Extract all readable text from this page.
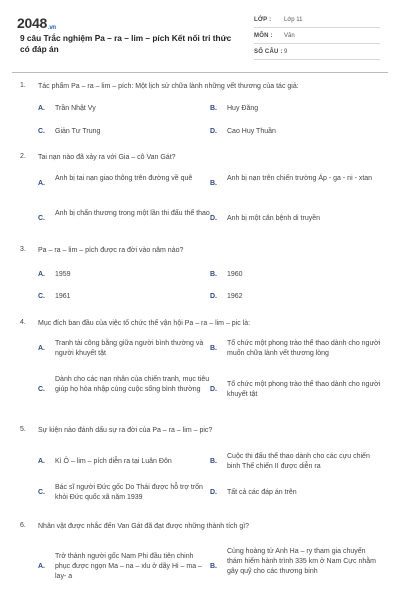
2048.vn
9 câu Trắc nghiệm Pa – ra – lim – pích Kết nối tri thức có đáp án
LỚP : Lớp 11
MÔN : Văn
SỐ CÂU : 9
1. Tác phẩm Pa – ra – lim – pích: Một lịch sử chữa lành những vết thương của tác giả:
A. Trần Nhật Vy	B. Huy Đăng
C. Giản Tư Trung	D. Cao Huy Thuần
2. Tai nạn nào đã xảy ra với Gia – cô Van Gát?
A.
Anh bị tai nạn giao thông trên đường về quê
B.
Anh bị nạn trên chiến trường Áp - ga - ni - xtan
C.
Anh bị chấn thương trong một lần thi đấu thể thao
D. Anh bị một căn bệnh di truyền
3. Pa – ra – lim – pích được ra đời vào năm nào?
A. 1959	B. 1960
C. 1961	D. 1962
4. Mục đích ban đầu của việc tổ chức thế vận hội Pa – ra – lim – pic là:
A.
Tranh tài công bằng giữa người bình thường và người khuyết tật
B.
Tổ chức một phong trào thể thao dành cho người muốn chữa lành vết thương lòng
C.
Dành cho các nạn nhân của chiến tranh, mục tiêu giúp họ hòa nhập cùng cuộc sống bình thường	D.
Tổ chức một phong trào thể thao dành cho người khuyết tật
5. Sự kiện nào đánh dấu sự ra đời của Pa – ra – lim – pic?
A. Kì Ô – lim – pích diễn ra tại Luân Đôn	B.
Cuộc thi đấu thể thao dành cho các cựu chiến binh Thế chiến II được diễn ra
C.
Bác sĩ người Đức gốc Do Thái được hỗ trợ trốn khỏi Đức quốc xã năm 1939
D. Tất cả các đáp án trên
6. Nhân vật được nhắc đến Van Gát đã đạt được những thành tích gì?
A.
Trở thành người gốc Nam Phi đầu tiên chinh phục được ngọn Ma – na – xlu ở dãy Hi – ma – lay- a
B.
Cùng hoàng tử Anh Ha – ry tham gia chuyến thám hiểm hành trình 335 km ở Nam Cực nhằm gây quỹ cho các thương binh
